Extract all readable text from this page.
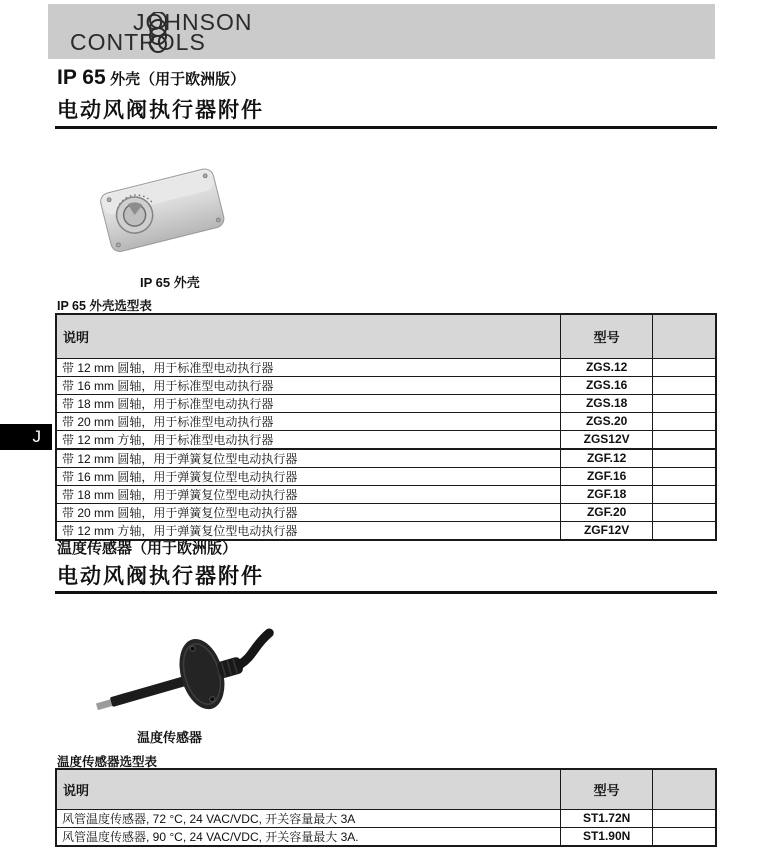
JOHNSON
CONTROLS
IP 65 外壳（用于欧洲版）
电动风阀执行器附件
IP 65 外壳
IP 65 外壳选型表
说明	型号	
带 12 mm 圆轴，用于标准型电动执行器	ZGS.12	
带 16 mm 圆轴，用于标准型电动执行器	ZGS.16	
带 18 mm 圆轴，用于标准型电动执行器	ZGS.18	
带 20 mm 圆轴，用于标准型电动执行器	ZGS.20	
带 12 mm 方轴，用于标准型电动执行器	ZGS12V	
带 12 mm 圆轴，用于弹簧复位型电动执行器	ZGF.12	
带 16 mm 圆轴，用于弹簧复位型电动执行器	ZGF.16	
带 18 mm 圆轴，用于弹簧复位型电动执行器	ZGF.18	
带 20 mm 圆轴，用于弹簧复位型电动执行器	ZGF.20	
带 12 mm 方轴，用于弹簧复位型电动执行器	ZGF12V	
J
温度传感器（用于欧洲版）
电动风阀执行器附件
温度传感器
温度传感器选型表
说明	型号	
风管温度传感器, 72 °C, 24 VAC/VDC, 开关容量最大 3A	ST1.72N	
风管温度传感器, 90 °C, 24 VAC/VDC, 开关容量最大 3A.	ST1.90N	
